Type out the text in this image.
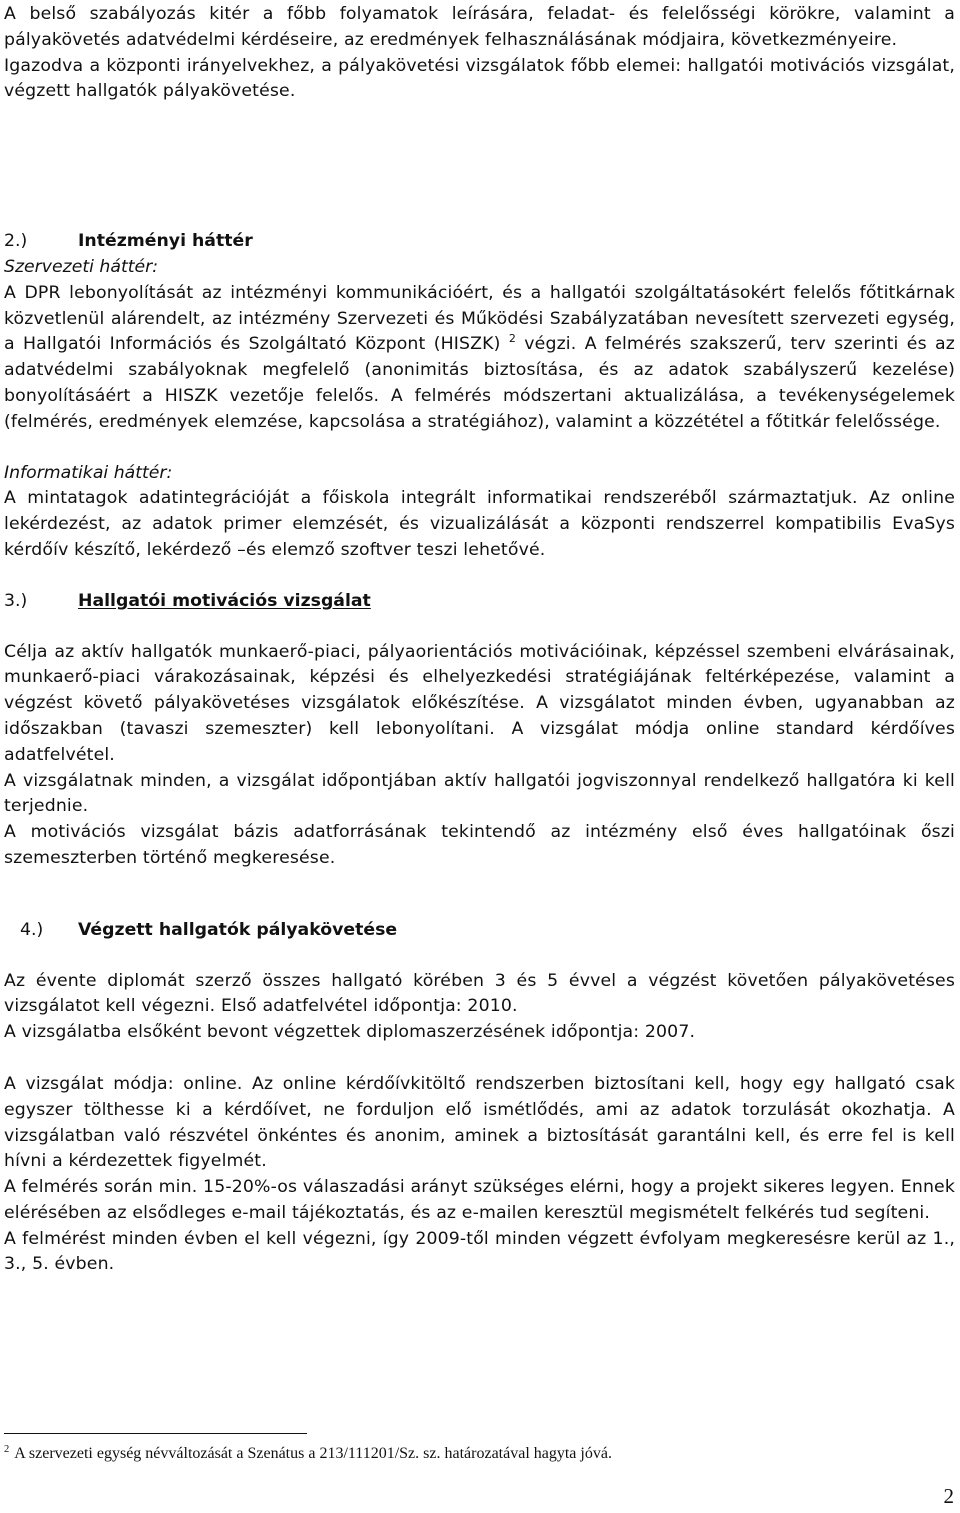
A belső szabályozás kitér a főbb folyamatok leírására, feladat- és felelősségi körökre, valamint a pályakövetés adatvédelmi kérdéseire, az eredmények felhasználásának módjaira, következményeire.
Igazodva a központi irányelvekhez, a pályakövetési vizsgálatok főbb elemei: hallgatói motivációs vizsgálat, végzett hallgatók pályakövetése.

2.)	Intézményi háttér

Szervezeti háttér:

A DPR lebonyolítását az intézményi kommunikációért, és a hallgatói szolgáltatásokért felelős főtitkárnak közvetlenül alárendelt, az intézmény Szervezeti és Működési Szabályzatában nevesített szervezeti egység, a Hallgatói Információs és Szolgáltató Központ (HISZK) $^2$ végzi. A felmérés szakszerű, terv szerinti és az adatvédelmi szabályoknak megfelelő (anonimitás biztosítása, és az adatok szabályszerű kezelése) bonyolításáért a HISZK vezetője felelős. A felmérés módszertani aktualizálása, a tevékenységelemek (felmérés, eredmények elemzése, kapcsolása a stratégiához), valamint a közzététel a főtitkár felelőssége.

Informatikai háttér:

A mintatagok adatintegrációját a főiskola integrált informatikai rendszeréből származtatjuk. Az online lekérdezést, az adatok primer elemzését, és vizualizálását a központi rendszerrel kompatibilis EvaSys kérdőív készítő, lekérdező –és elemző szoftver teszi lehetővé.

3.)	Hallgatói motivációs vizsgálat

Célja az aktív hallgatók munkaerő-piaci, pályaorientációs motivációinak, képzéssel szembeni elvárásainak, munkaerő-piaci várakozásainak, képzési és elhelyezkedési stratégiájának feltérképezése, valamint a végzést követő pályakövetéses vizsgálatok előkészítése. A vizsgálatot minden évben, ugyanabban az időszakban (tavaszi szemeszter) kell lebonyolítani. A vizsgálat módja online standard kérdőíves adatfelvétel.

A vizsgálatnak minden, a vizsgálat időpontjában aktív hallgatói jogviszonnyal rendelkező hallgatóra ki kell terjednie.

A motivációs vizsgálat bázis adatforrásának tekintendő az intézmény első éves hallgatóinak őszi szemeszterben történő megkeresése.

4.)	Végzett hallgatók pályakövetése

Az évente diplomát szerző összes hallgató körében 3 és 5 évvel a végzést követően pályakövetéses vizsgálatot kell végezni. Első adatfelvétel időpontja: 2010.

A vizsgálatba elsőként bevont végzettek diplomaszerzésének időpontja: 2007.

A vizsgálat módja: online. Az online kérdőívkitöltő rendszerben biztosítani kell, hogy egy hallgató csak egyszer tölthesse ki a kérdőívet, ne forduljon elő ismétlődés, ami az adatok torzulását okozhatja. A vizsgálatban való részvétel önkéntes és anonim, aminek a biztosítását garantálni kell, és erre fel is kell hívni a kérdezettek figyelmét.

A felmérés során min. 15-20%-os válaszadási arányt szükséges elérni, hogy a projekt sikeres legyen. Ennek elérésében az elsődleges e-mail tájékoztatás, és az e-mailen keresztül megismételt felkérés tud segíteni.

A felmérést minden évben el kell végezni, így 2009-től minden végzett évfolyam megkeresésre kerül az 1., 3., 5. évben.

$^2$ A szervezeti egység névváltozását a Szenátus a 213/111201/Sz. sz. határozatával hagyta jóvá.
2
